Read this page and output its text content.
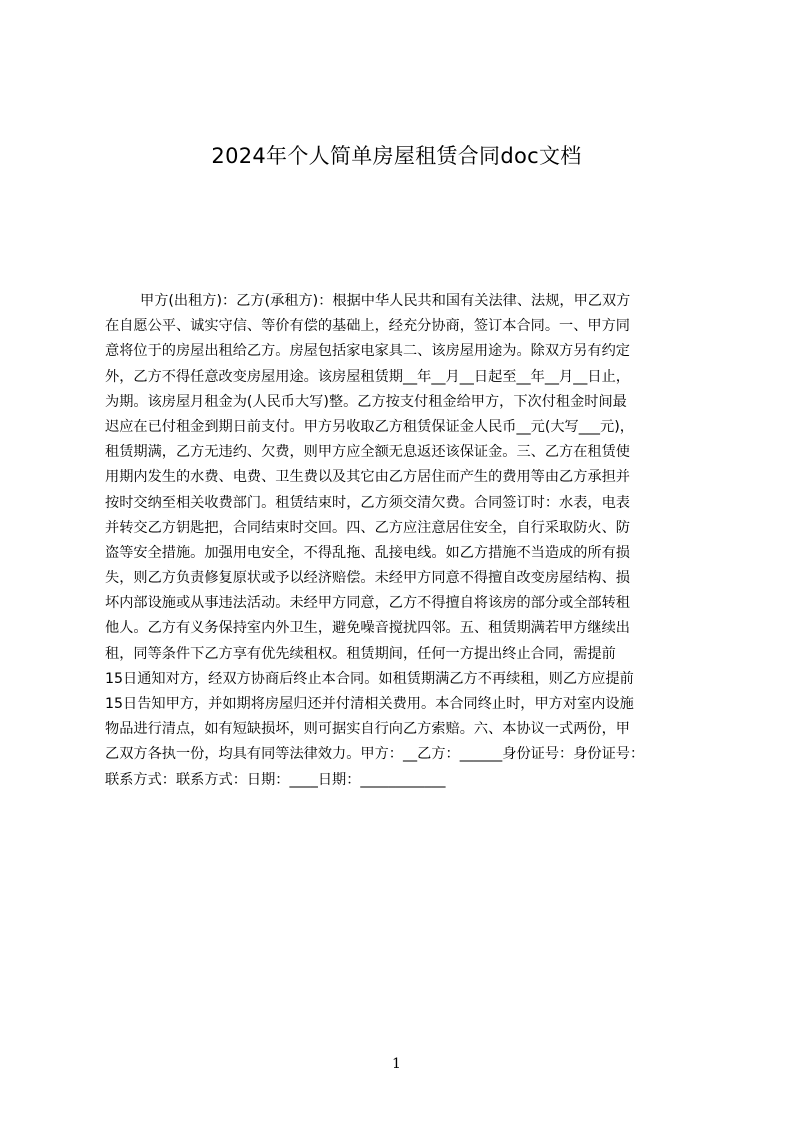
2024年个人简单房屋租赁合同doc文档
甲方(出租方)：乙方(承租方)：根据中华人民共和国有关法律、法规，甲乙双方
在自愿公平、诚实守信、等价有偿的基础上，经充分协商，签订本合同。一、甲方同
意将位于的房屋出租给乙方。房屋包括家电家具二、该房屋用途为。除双方另有约定
外，乙方不得任意改变房屋用途。该房屋租赁期__年__月__日起至__年__月__日止，
为期。该房屋月租金为(人民币大写)整。乙方按支付租金给甲方，下次付租金时间最
迟应在已付租金到期日前支付。甲方另收取乙方租赁保证金人民币__元(大写___元)，
租赁期满，乙方无违约、欠费，则甲方应全额无息返还该保证金。三、乙方在租赁使
用期内发生的水费、电费、卫生费以及其它由乙方居住而产生的费用等由乙方承担并
按时交纳至相关收费部门。租赁结束时，乙方须交清欠费。合同签订时：水表，电表
并转交乙方钥匙把，合同结束时交回。四、乙方应注意居住安全，自行采取防火、防
盗等安全措施。加强用电安全，不得乱拖、乱接电线。如乙方措施不当造成的所有损
失，则乙方负责修复原状或予以经济赔偿。未经甲方同意不得擅自改变房屋结构、损
坏内部设施或从事违法活动。未经甲方同意，乙方不得擅自将该房的部分或全部转租
他人。乙方有义务保持室内外卫生，避免噪音搅扰四邻。五、租赁期满若甲方继续出
租，同等条件下乙方享有优先续租权。租赁期间，任何一方提出终止合同，需提前
15日通知对方，经双方协商后终止本合同。如租赁期满乙方不再续租，则乙方应提前
15日告知甲方，并如期将房屋归还并付清相关费用。本合同终止时，甲方对室内设施
物品进行清点，如有短缺损坏，则可据实自行向乙方索赔。六、本协议一式两份，甲
乙双方各执一份，均具有同等法律效力。甲方：__乙方：______身份证号：身份证号：
联系方式：联系方式：日期：____日期：____________
1
